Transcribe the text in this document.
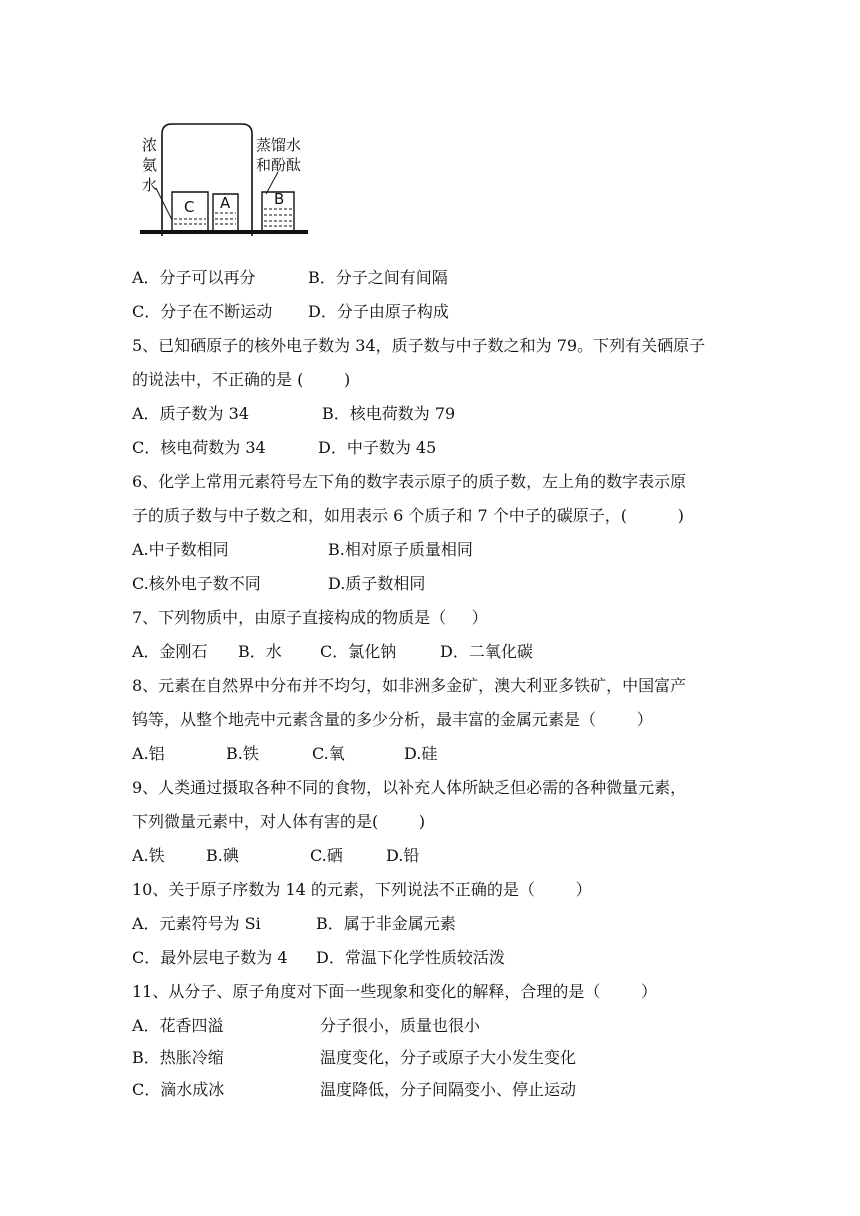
浓
氨
水
蒸馏水
和酚酞
C A	B
A．分子可以再分	B．分子之间有间隔
C．分子在不断运动 D．分子由原子构成
5、已知硒原子的核外电子数为 34，质子数与中子数之和为 79。下列有关硒原子
的说法中，不正确的是 (        )
A．质子数为 34	B．核电荷数为 79
C．核电荷数为 34	D．中子数为 45
6、化学上常用元素符号左下角的数字表示原子的质子数，左上角的数字表示原
子的质子数与中子数之和，如用表示 6 个质子和 7 个中子的碳原子，(          )
A.中子数相同	B.相对原子质量相同
C.核外电子数不同	D.质子数相同
7、下列物质中，由原子直接构成的物质是（     ）
A．金刚石 B．水 C．氯化钠	D．二氧化碳
8、元素在自然界中分布并不均匀，如非洲多金矿，澳大利亚多铁矿，中国富产
钨等，从整个地壳中元素含量的多少分析，最丰富的金属元素是（        ）
A.铝	B.铁	C.氧	D.硅
9、人类通过摄取各种不同的食物，以补充人体所缺乏但必需的各种微量元素，
下列微量元素中，对人体有害的是(        )
A.铁	B.碘	C.硒	D.铅
10、关于原子序数为 14 的元素，下列说法不正确的是（        ）
A．元素符号为 Si	B．属于非金属元素
C．最外层电子数为 4 D．常温下化学性质较活泼
11、从分子、原子角度对下面一些现象和变化的解释，合理的是（        ）
A．花香四溢	分子很小，质量也很小
B．热胀冷缩	温度变化，分子或原子大小发生变化
C．滴水成冰	温度降低，分子间隔变小、停止运动
